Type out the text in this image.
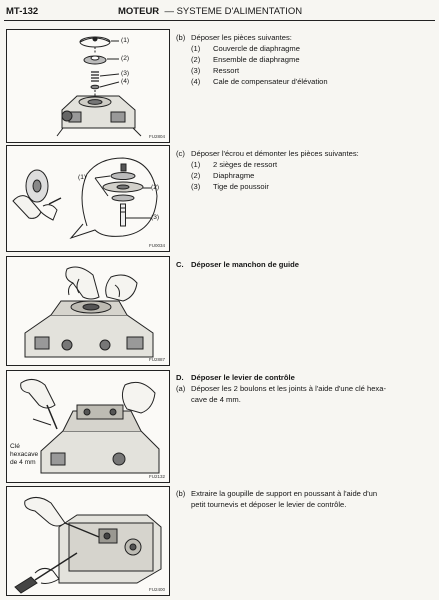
MT-132	MOTEUR — SYSTEME D'ALIMENTATION
(1)
(2)
(3)
(4)
FU2804
(b) Déposer les pièces suivantes:
(1) Couvercle de diaphragme
(2) Ensemble de diaphragme
(3) Ressort
(4) Cale de compensateur d'élévation
(1)
(2)
(3)
FU0034
(c) Déposer l'écrou et démonter les pièces suivantes:
(1) 2 sièges de ressort
(2) Diaphragme
(3) Tige de poussoir
FU2887
C. Déposer le manchon de guide
Clé
hexacave
de 4 mm
FU2132
D. Déposer le levier de contrôle
(a) Déposer les 2 boulons et les joints à l'aide d'une clé hexa-
cave de 4 mm.
FU2400
(b) Extraire la goupille de support en poussant à l'aide d'un
petit tournevis et déposer le levier de contrôle.
